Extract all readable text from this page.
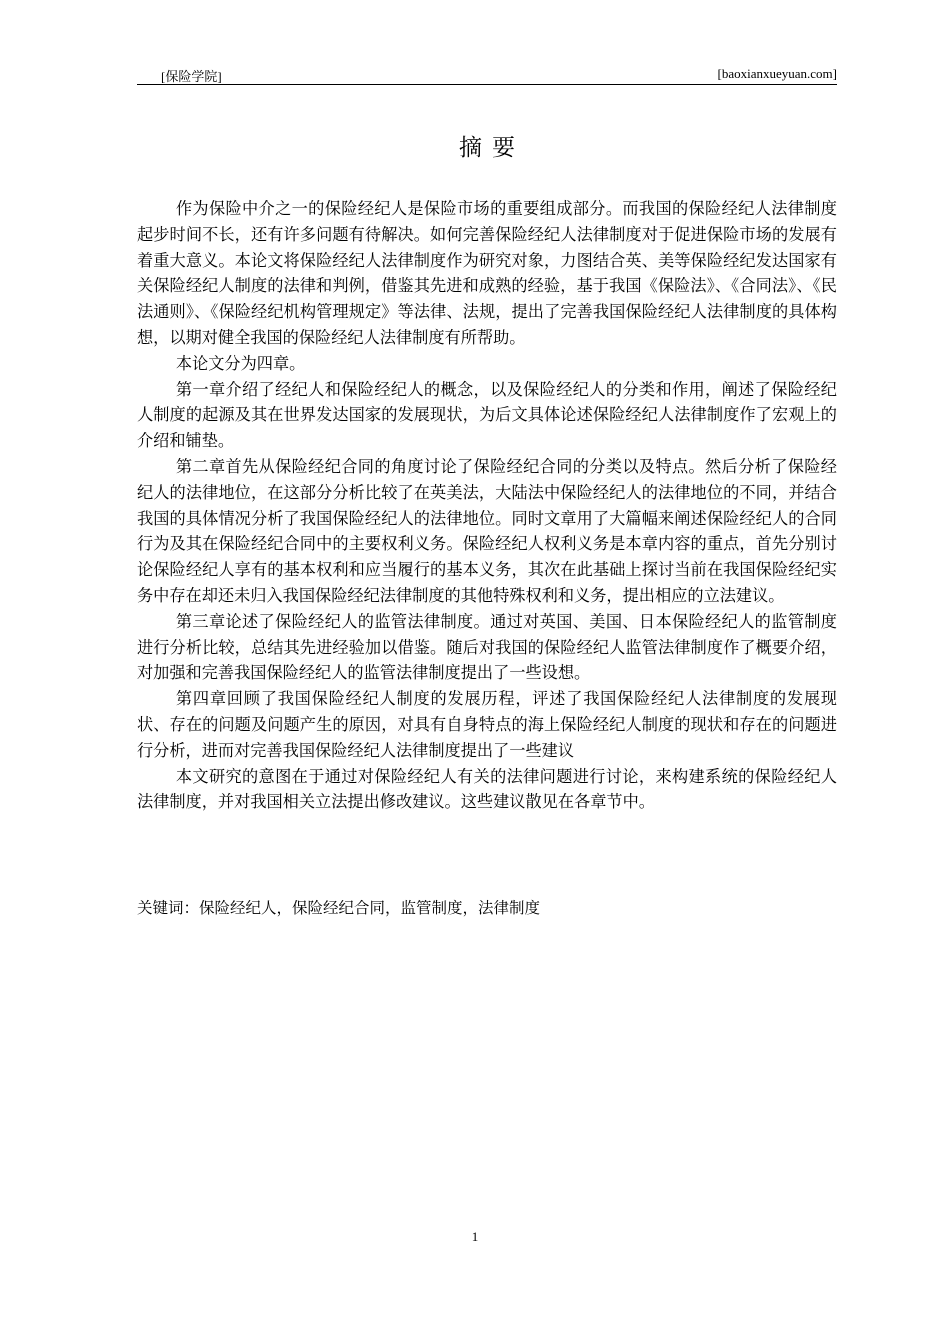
[保险学院]	[baoxianxueyuan.com]
摘要

作为保险中介之一的保险经纪人是保险市场的重要组成部分。而我国的保险经纪人法律制度起步时间不长，还有许多问题有待解决。如何完善保险经纪人法律制度对于促进保险市场的发展有着重大意义。本论文将保险经纪人法律制度作为研究对象，力图结合英、美等保险经纪发达国家有关保险经纪人制度的法律和判例，借鉴其先进和成熟的经验，基于我国《保险法》、《合同法》、《民法通则》、《保险经纪机构管理规定》等法律、法规，提出了完善我国保险经纪人法律制度的具体构想，以期对健全我国的保险经纪人法律制度有所帮助。

本论文分为四章。

第一章介绍了经纪人和保险经纪人的概念，以及保险经纪人的分类和作用，阐述了保险经纪人制度的起源及其在世界发达国家的发展现状，为后文具体论述保险经纪人法律制度作了宏观上的介绍和铺垫。

第二章首先从保险经纪合同的角度讨论了保险经纪合同的分类以及特点。然后分析了保险经纪人的法律地位，在这部分分析比较了在英美法，大陆法中保险经纪人的法律地位的不同，并结合我国的具体情况分析了我国保险经纪人的法律地位。同时文章用了大篇幅来阐述保险经纪人的合同行为及其在保险经纪合同中的主要权利义务。保险经纪人权利义务是本章内容的重点，首先分别讨论保险经纪人享有的基本权利和应当履行的基本义务，其次在此基础上探讨当前在我国保险经纪实务中存在却还未归入我国保险经纪法律制度的其他特殊权利和义务，提出相应的立法建议。

第三章论述了保险经纪人的监管法律制度。通过对英国、美国、日本保险经纪人的监管制度进行分析比较，总结其先进经验加以借鉴。随后对我国的保险经纪人监管法律制度作了概要介绍，对加强和完善我国保险经纪人的监管法律制度提出了一些设想。

第四章回顾了我国保险经纪人制度的发展历程，评述了我国保险经纪人法律制度的发展现状、存在的问题及问题产生的原因，对具有自身特点的海上保险经纪人制度的现状和存在的问题进行分析，进而对完善我国保险经纪人法律制度提出了一些建议

本文研究的意图在于通过对保险经纪人有关的法律问题进行讨论，来构建系统的保险经纪人法律制度，并对我国相关立法提出修改建议。这些建议散见在各章节中。

关键词：保险经纪人，保险经纪合同，监管制度，法律制度
1
